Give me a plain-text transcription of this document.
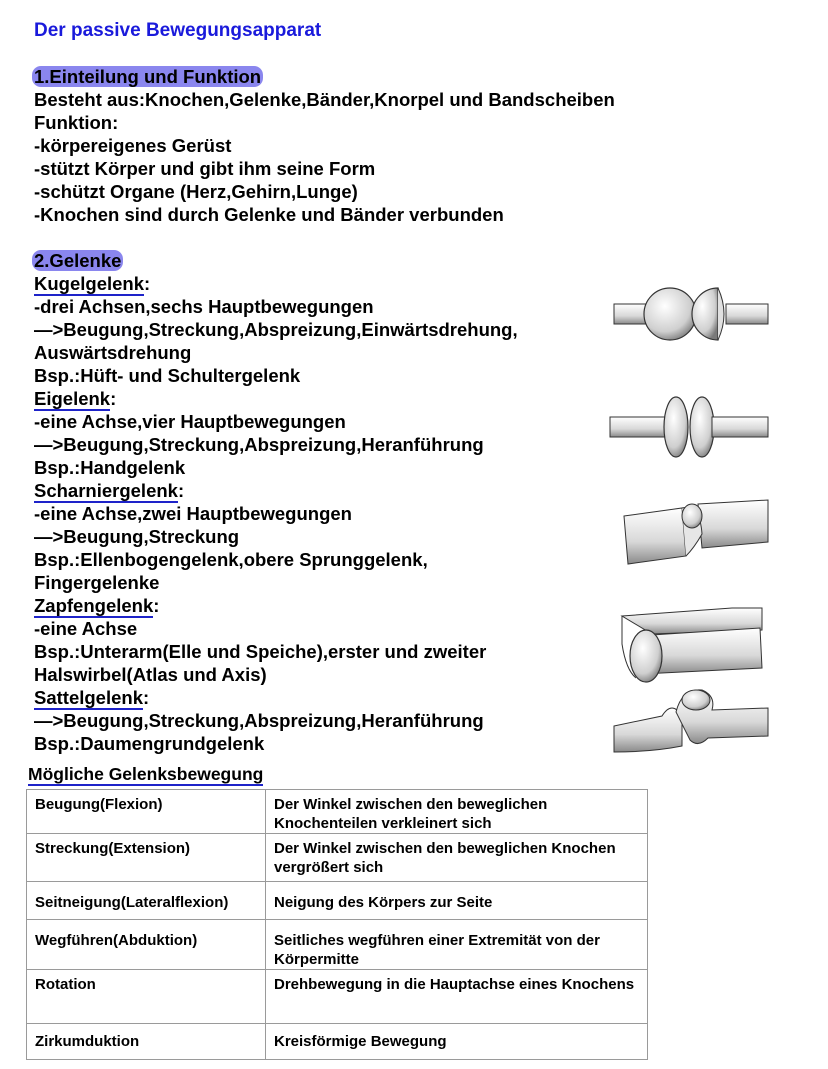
Der passive Bewegungsapparat
1.Einteilung und Funktion
Besteht aus:Knochen,Gelenke,Bänder,Knorpel und Bandscheiben
Funktion:
-körpereigenes Gerüst
-stützt Körper und gibt ihm seine Form
-schützt Organe (Herz,Gehirn,Lunge)
-Knochen sind durch Gelenke und Bänder verbunden
2.Gelenke
Kugelgelenk:
-drei Achsen,sechs Hauptbewegungen
—>Beugung,Streckung,Abspreizung,Einwärtsdrehung,
Auswärtsdrehung
Bsp.:Hüft- und Schultergelenk
Eigelenk:
-eine Achse,vier Hauptbewegungen
—>Beugung,Streckung,Abspreizung,Heranführung
Bsp.:Handgelenk
Scharniergelenk:
-eine Achse,zwei Hauptbewegungen
—>Beugung,Streckung
Bsp.:Ellenbogengelenk,obere Sprunggelenk,
Fingergelenke
Zapfengelenk:
-eine Achse
Bsp.:Unterarm(Elle und Speiche),erster und zweiter
Halswirbel(Atlas und Axis)
Sattelgelenk:
—>Beugung,Streckung,Abspreizung,Heranführung
Bsp.:Daumengrundgelenk
Mögliche Gelenksbewegung
Beugung(Flexion)	Der Winkel zwischen den beweglichen Knochenteilen verkleinert sich
Streckung(Extension)	Der Winkel zwischen den beweglichen Knochen vergrößert sich
Seitneigung(Lateralflexion)	Neigung des Körpers zur Seite
Wegführen(Abduktion)	Seitliches wegführen einer Extremität von der Körpermitte
Rotation	Drehbewegung in die Hauptachse eines Knochens
Zirkumduktion	Kreisförmige Bewegung
